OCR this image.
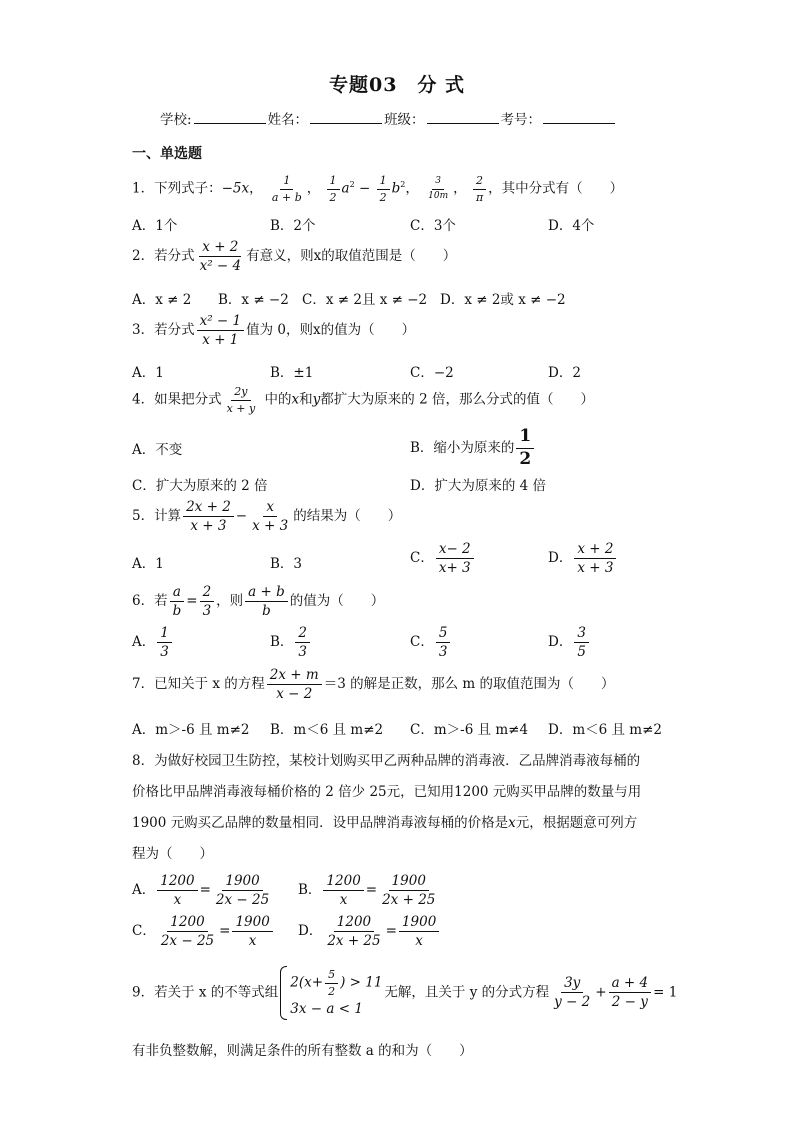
专题03　分 式
学校:	姓名：	班级：	考号：
一、单选题
1．下列式子：−5x， $\frac{1}{a + b}$ ， $\frac{1}{2} a^2 - \frac{1}{2} b^2$， $\frac{3}{10m}$ ， $\frac{2}{\pi}$ ，其中分式有（　　）
A．1个	B．2个	C．3个	D．4个
2．若分式 $\frac{x + 2}{\text{x² − 4}}$ 有意义，则x的取值范围是（　　）
A．x ≠ 2 B．x ≠ −2 C．x ≠ 2且 x ≠ −2 D．x ≠ 2或 x ≠ −2
3．若分式 $\frac{\text{x² − 1}}{x + 1}$ 值为 0，则x的值为（　　）
A．1	B．±1	C．−2	D．2
4．如果把分式 $\frac{2y}{x + y}$ 中的x和y都扩大为原来的 2 倍，那么分式的值（　　）
A．不变	B．缩小为原来的 $\frac{1}{2}$
C．扩大为原来的 2 倍	D．扩大为原来的 4 倍
5．计算 $\frac{2x + 2}{x + 3} - \frac{x}{x + 3}$ 的结果为（　　）
A．1	B．3	C． $\frac{x- 2}{x+ 3}$	D． $\frac{x + 2}{x + 3}$
6．若 $\frac{a}{b} = \frac{2}{3}$ ，则 $\frac{a + b}{b}$ 的值为（　　）
A． $\frac{1}{3}$	B． $\frac{2}{3}$	C． $\frac{5}{3}$	D． $\frac{3}{5}$
7．已知关于 x 的方程 $\frac{2x + m}{x - 2} =3$ 的解是正数，那么 m 的取值范围为（　　）
A．m＞-6 且 m≠2 B．m＜6 且 m≠2 C．m＞-6 且 m≠4 D．m＜6 且 m≠2
8．为做好校园卫生防控，某校计划购买甲乙两种品牌的消毒液．乙品牌消毒液每桶的
价格比甲品牌消毒液每桶价格的 2 倍少 25元，已知用1200 元购买甲品牌的数量与用
1900 元购买乙品牌的数量相同．设甲品牌消毒液每桶的价格是x元，根据题意可列方
程为（　　）
A． $\frac{1200}{x} = \frac{1900}{2x - 25}$ B． $\frac{1200}{x} = \frac{1900}{2x + 25}$
C． $\frac{1200}{2x - 25} = \frac{1900}{x}$ D． $\frac{1200}{2x + 25} = \frac{1900}{x}$
9．若关于 x 的不等式组
$2(x+ \frac{5}{2}$ ) > 11
3x − a < 1
无解，且关于 y 的分式方程 $\frac{3y}{y - 2} + \frac{a + 4}{2 - y} = 1$
有非负整数解，则满足条件的所有整数 a 的和为（　　）
